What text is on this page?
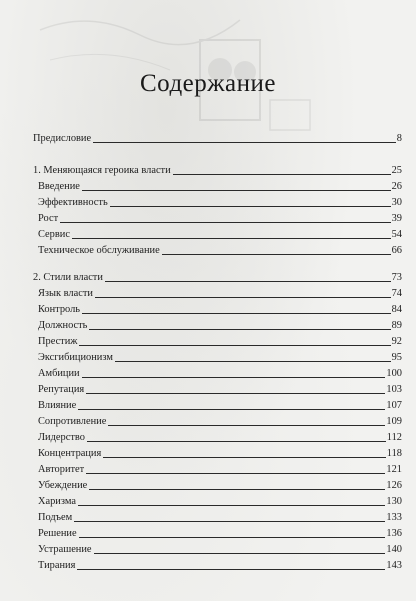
Содержание
Предисловие	8
1. Меняющаяся героика власти	25
Введение	26
Эффективность	30
Рост	39
Сервис	54
Техническое обслуживание	66
2. Стили власти	73
Язык власти	74
Контроль	84
Должность	89
Престиж	92
Эксгибиционизм	95
Амбиции	100
Репутация	103
Влияние	107
Сопротивление	109
Лидерство	112
Концентрация	118
Авторитет	121
Убеждение	126
Харизма	130
Подъем	133
Решение	136
Устрашение	140
Тирания	143
